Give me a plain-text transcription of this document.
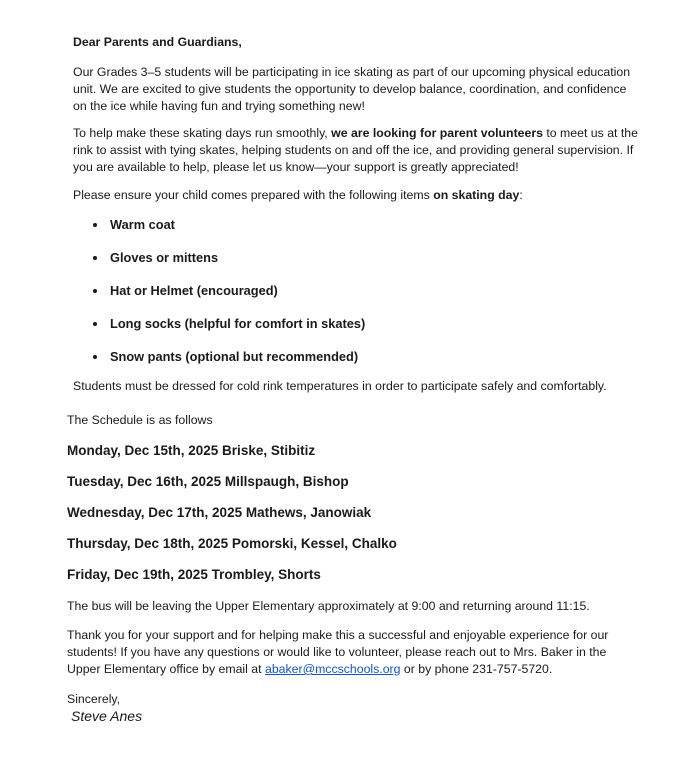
Dear Parents and Guardians,
Our Grades 3–5 students will be participating in ice skating as part of our upcoming physical education unit. We are excited to give students the opportunity to develop balance, coordination, and confidence on the ice while having fun and trying something new!
To help make these skating days run smoothly, we are looking for parent volunteers to meet us at the rink to assist with tying skates, helping students on and off the ice, and providing general supervision. If you are available to help, please let us know—your support is greatly appreciated!
Please ensure your child comes prepared with the following items on skating day:
Warm coat
Gloves or mittens
Hat or Helmet (encouraged)
Long socks (helpful for comfort in skates)
Snow pants (optional but recommended)
Students must be dressed for cold rink temperatures in order to participate safely and comfortably.
The Schedule is as follows
Monday, Dec 15th, 2025 Briske, Stibitiz
Tuesday, Dec 16th, 2025 Millspaugh, Bishop
Wednesday, Dec 17th, 2025 Mathews, Janowiak
Thursday, Dec 18th, 2025 Pomorski, Kessel, Chalko
Friday, Dec 19th, 2025 Trombley, Shorts
The bus will be leaving the Upper Elementary approximately at 9:00 and returning around 11:15.
Thank you for your support and for helping make this a successful and enjoyable experience for our students! If you have any questions or would like to volunteer, please reach out to Mrs. Baker in the Upper Elementary office by email at abaker@mccschools.org or by phone 231-757-5720.
Sincerely,
Steve Anes
